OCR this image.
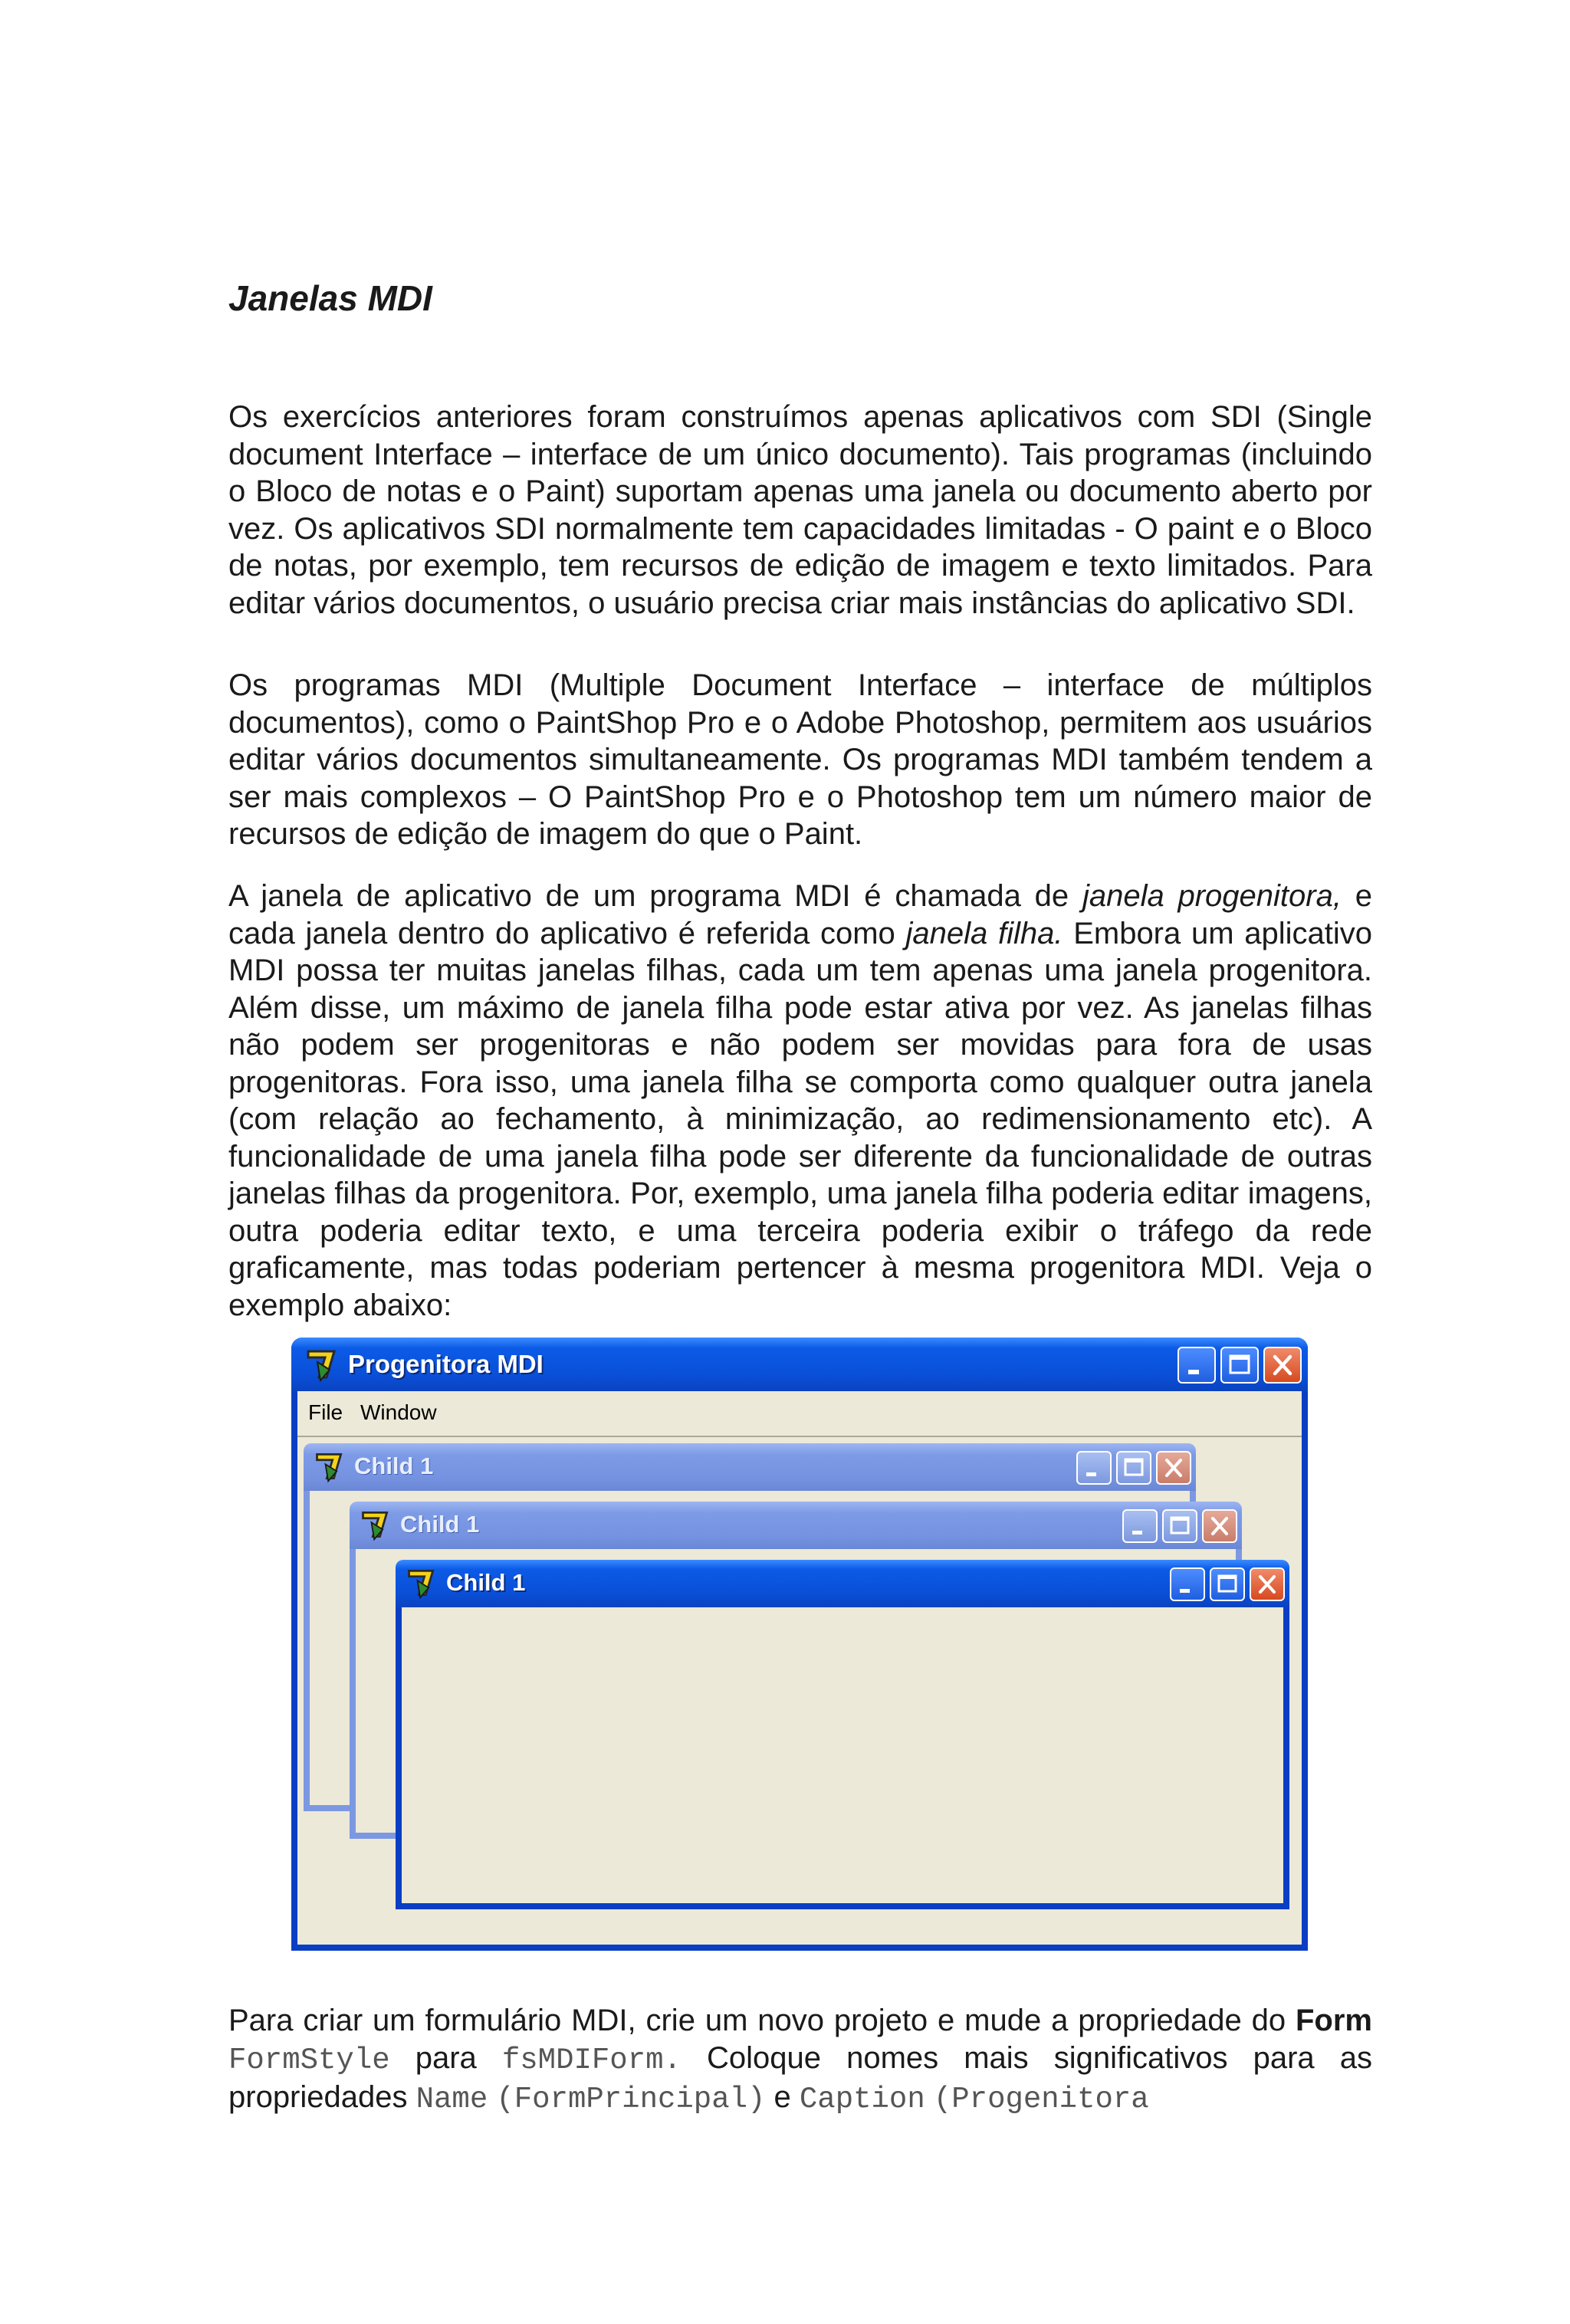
Janelas MDI

Os exercícios anteriores foram construímos apenas aplicativos com SDI (Single document Interface – interface de um único documento). Tais programas (incluindo o Bloco de notas e o Paint) suportam apenas uma janela ou documento aberto por vez. Os aplicativos SDI normalmente tem capacidades limitadas - O paint e o Bloco de notas, por exemplo, tem recursos de edição de imagem e texto limitados. Para editar vários documentos, o usuário precisa criar mais instâncias do aplicativo SDI.

Os programas MDI (Multiple Document Interface – interface de múltiplos documentos), como o PaintShop Pro e o Adobe Photoshop, permitem aos usuários editar vários documentos simultaneamente. Os programas MDI também tendem a ser mais complexos – O PaintShop Pro e o Photoshop tem um número maior de recursos de edição de imagem do que o Paint.

A janela de aplicativo de um programa MDI é chamada de janela progenitora, e cada janela dentro do aplicativo é referida como janela filha. Embora um aplicativo MDI possa ter muitas janelas filhas, cada um tem apenas uma janela progenitora. Além disse, um máximo de janela filha pode estar ativa por vez. As janelas filhas não podem ser progenitoras e não podem ser movidas para fora de usas progenitoras. Fora isso, uma janela filha se comporta como qualquer outra janela (com relação ao fechamento, à minimização, ao redimensionamento etc). A funcionalidade de uma janela filha pode ser diferente da funcionalidade de outras janelas filhas da progenitora. Por, exemplo, uma janela filha poderia editar imagens, outra poderia editar texto, e uma terceira poderia exibir o tráfego da rede graficamente, mas todas poderiam pertencer à mesma progenitora MDI. Veja o exemplo abaixo:

Para criar um formulário MDI, crie um novo projeto e mude a propriedade do Form FormStyle para fsMDIForm. Coloque nomes mais significativos para as propriedades Name (FormPrincipal) e Caption (Progenitora

Progenitora MDI
File Window
Child 1
Child 1
Child 1
